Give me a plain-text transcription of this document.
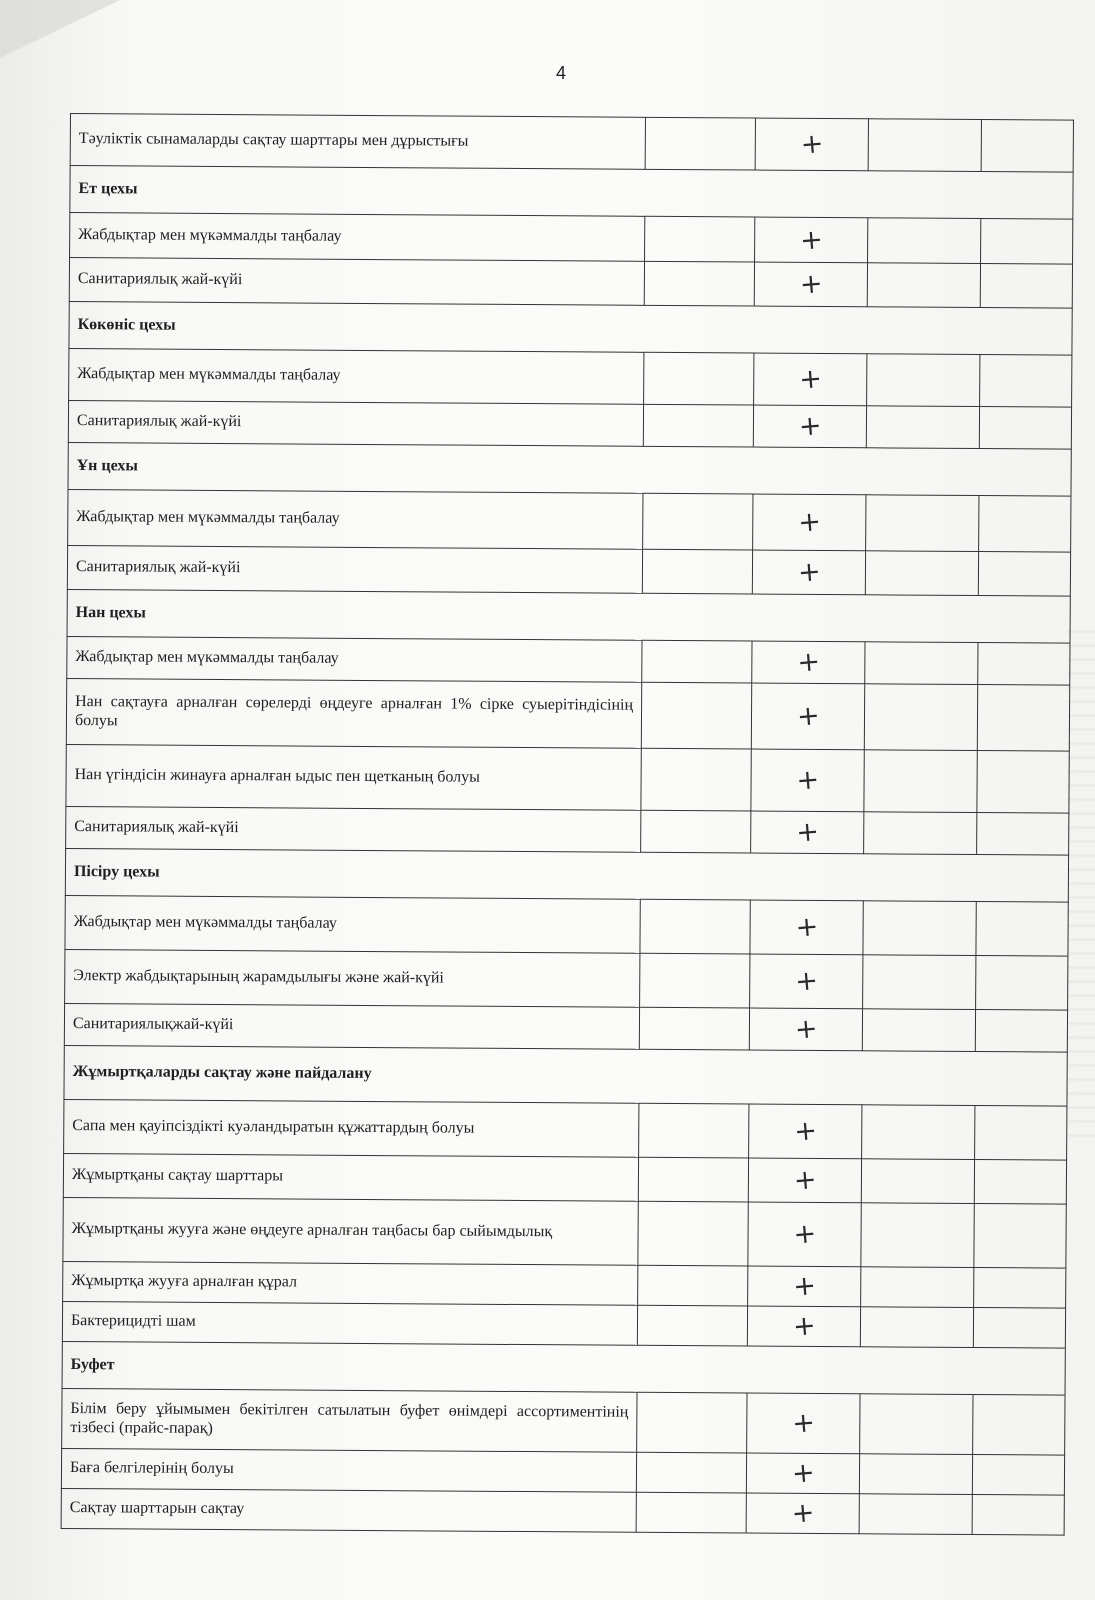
4
Тәуліктік сынамаларды сақтау шарттары мен дұрыстығы		+		
Ет цехы				
Жабдықтар мен мүкәммалды таңбалау		+		
Санитариялық жай-күйі		+		
Көкөніс цехы				
Жабдықтар мен мүкәммалды таңбалау		+		
Санитариялық жай-күйі		+		
Ұн цехы				
Жабдықтар мен мүкәммалды таңбалау		+		
Санитариялық жай-күйі		+		
Нан цехы				
Жабдықтар мен мүкәммалды таңбалау		+		
Нан сақтауға арналған сөрелерді өңдеуге арналған 1% сірке суыерітіндісінің болуы		+		
Нан үгіндісін жинауға арналған ыдыс пен щетканың болуы		+		
Санитариялық жай-күйі		+		
Пісіру цехы				
Жабдықтар мен мүкәммалды таңбалау		+		
Электр жабдықтарының жарамдылығы және жай-күйі		+		
Санитариялықжай-күйі		+		
Жұмыртқаларды сақтау және пайдалану				
Сапа мен қауіпсіздікті куәландыратын құжаттардың болуы		+		
Жұмыртқаны сақтау шарттары		+		
Жұмыртқаны жууға және өңдеуге арналған таңбасы бар сыйымдылық		+		
Жұмыртқа жууға арналған құрал		+		
Бактерицидті шам		+		
Буфет				
Білім беру ұйымымен бекітілген сатылатын буфет өнімдері ассортиментінің тізбесі (прайс-парақ)		+		
Баға белгілерінің болуы		+		
Сақтау шарттарын сақтау		+		
